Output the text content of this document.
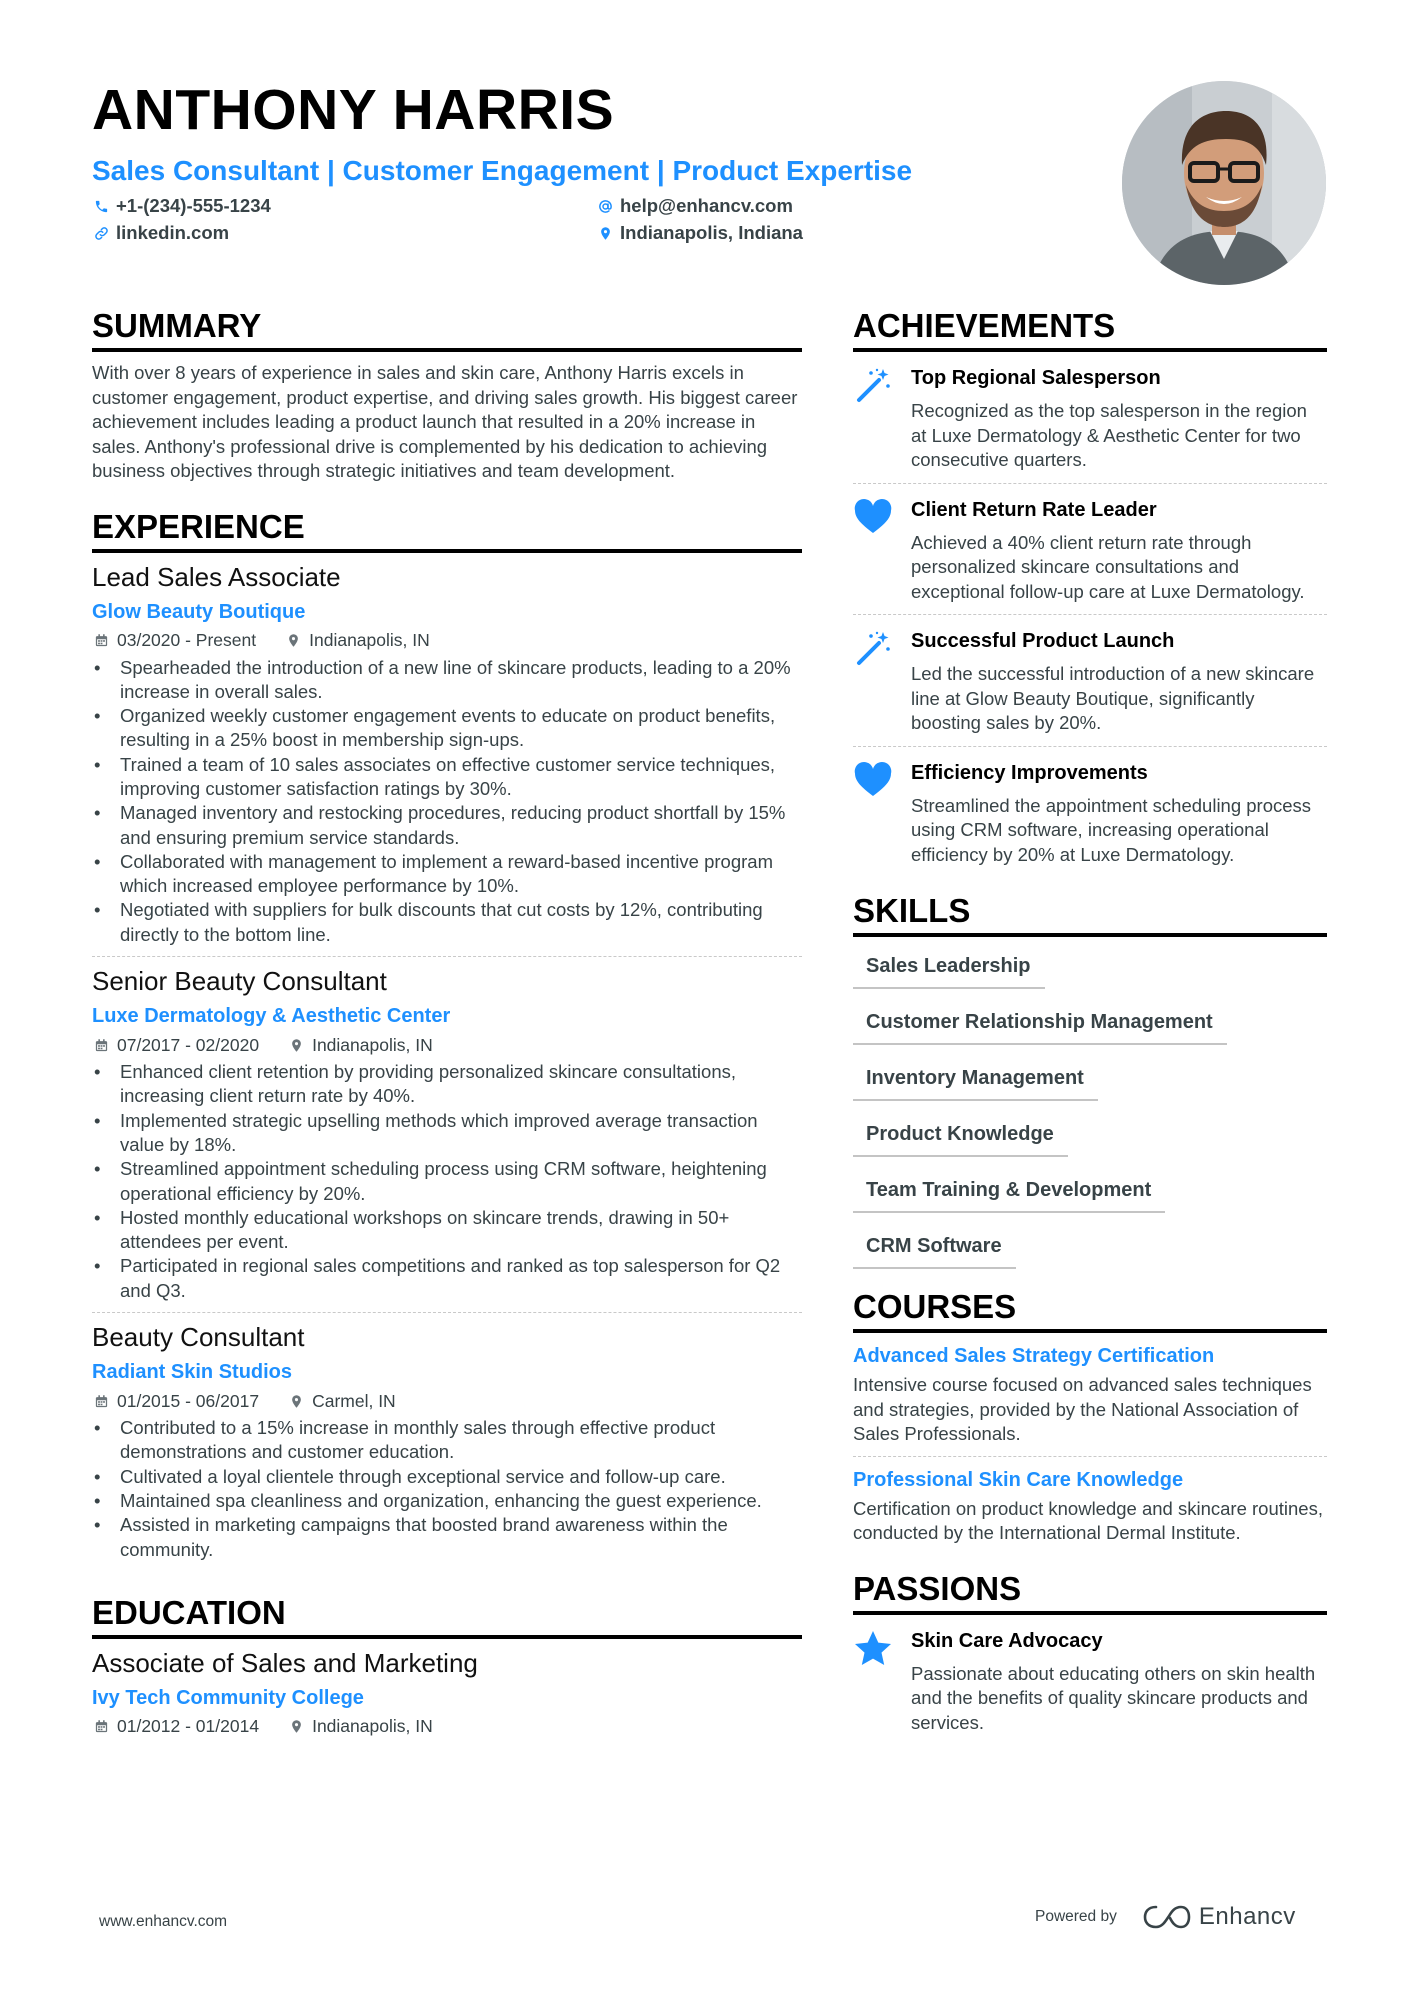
ANTHONY HARRIS
Sales Consultant | Customer Engagement | Product Expertise
+1-(234)-555-1234	help@enhancv.com
linkedin.com	Indianapolis, Indiana
SUMMARY

With over 8 years of experience in sales and skin care, Anthony Harris excels in customer engagement, product expertise, and driving sales growth. His biggest career achievement includes leading a product launch that resulted in a 20% increase in sales. Anthony's professional drive is complemented by his dedication to achieving business objectives through strategic initiatives and team development.

EXPERIENCE
Lead Sales Associate
Glow Beauty Boutique
03/2020 - Present	Indianapolis, IN
• Spearheaded the introduction of a new line of skincare products, leading to a 20% increase in overall sales.
• Organized weekly customer engagement events to educate on product benefits, resulting in a 25% boost in membership sign-ups.
• Trained a team of 10 sales associates on effective customer service techniques, improving customer satisfaction ratings by 30%.
• Managed inventory and restocking procedures, reducing product shortfall by 15% and ensuring premium service standards.
• Collaborated with management to implement a reward-based incentive program which increased employee performance by 10%.
• Negotiated with suppliers for bulk discounts that cut costs by 12%, contributing directly to the bottom line.
Senior Beauty Consultant
Luxe Dermatology & Aesthetic Center
07/2017 - 02/2020	Indianapolis, IN
• Enhanced client retention by providing personalized skincare consultations, increasing client return rate by 40%.
• Implemented strategic upselling methods which improved average transaction value by 18%.
• Streamlined appointment scheduling process using CRM software, heightening operational efficiency by 20%.
• Hosted monthly educational workshops on skincare trends, drawing in 50+ attendees per event.
• Participated in regional sales competitions and ranked as top salesperson for Q2 and Q3.
Beauty Consultant
Radiant Skin Studios
01/2015 - 06/2017	Carmel, IN
• Contributed to a 15% increase in monthly sales through effective product demonstrations and customer education.
• Cultivated a loyal clientele through exceptional service and follow-up care.
• Maintained spa cleanliness and organization, enhancing the guest experience.
• Assisted in marketing campaigns that boosted brand awareness within the community.
EDUCATION
Associate of Sales and Marketing
Ivy Tech Community College
01/2012 - 01/2014	Indianapolis, IN
ACHIEVEMENTS
Top Regional Salesperson

Recognized as the top salesperson in the region at Luxe Dermatology & Aesthetic Center for two consecutive quarters.

Client Return Rate Leader

Achieved a 40% client return rate through personalized skincare consultations and exceptional follow-up care at Luxe Dermatology.

Successful Product Launch

Led the successful introduction of a new skincare line at Glow Beauty Boutique, significantly boosting sales by 20%.

Efficiency Improvements

Streamlined the appointment scheduling process using CRM software, increasing operational efficiency by 20% at Luxe Dermatology.

SKILLS
Sales Leadership
Customer Relationship Management
Inventory Management
Product Knowledge
Team Training & Development
CRM Software
COURSES
Advanced Sales Strategy Certification

Intensive course focused on advanced sales techniques and strategies, provided by the National Association of Sales Professionals.

Professional Skin Care Knowledge

Certification on product knowledge and skincare routines, conducted by the International Dermal Institute.

PASSIONS
Skin Care Advocacy

Passionate about educating others on skin health and the benefits of quality skincare products and services.

www.enhancv.com	Powered by	Enhancv
